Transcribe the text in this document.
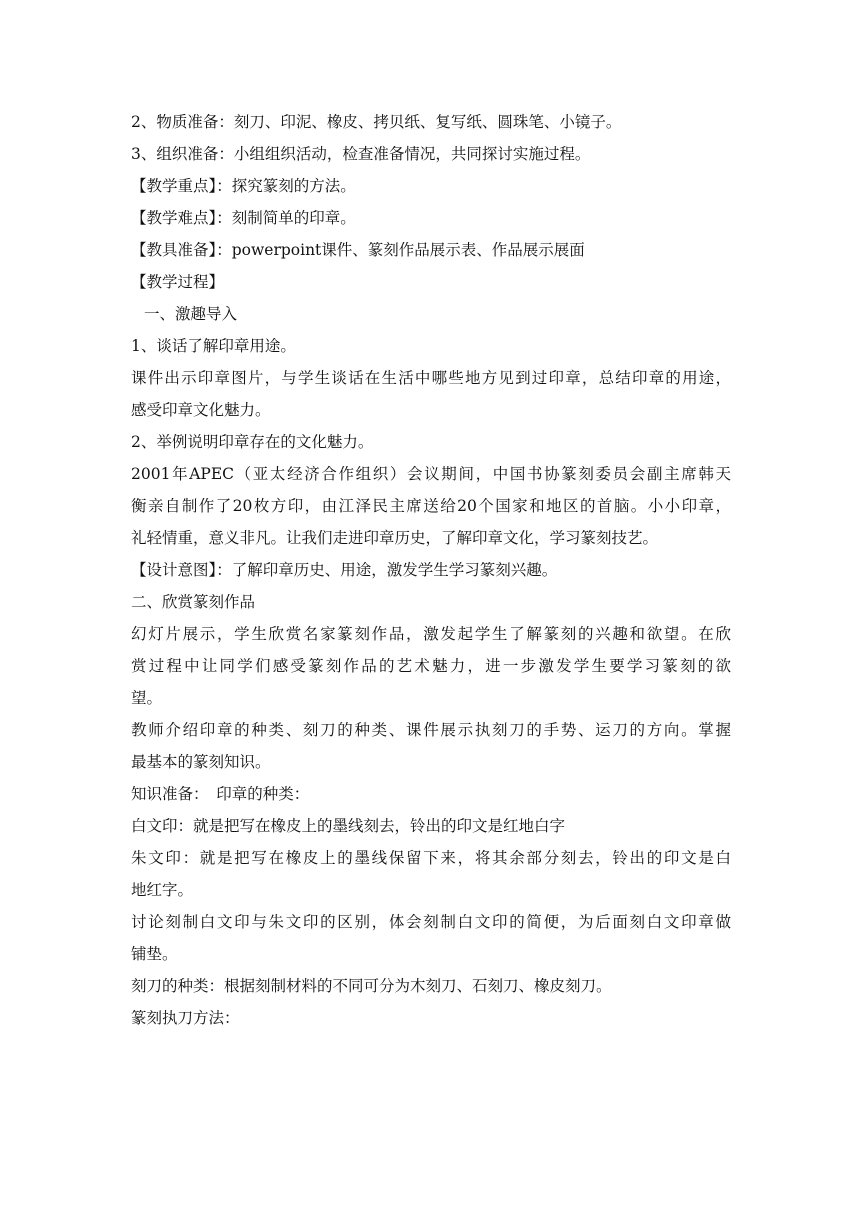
2、物质准备：刻刀、印泥、橡皮、拷贝纸、复写纸、圆珠笔、小镜子。

3、组织准备：小组组织活动，检查准备情况，共同探讨实施过程。

【教学重点】：探究篆刻的方法。

【教学难点】：刻制简单的印章。

【教具准备】：powerpoint课件、篆刻作品展示表、作品展示展面

【教学过程】

一、激趣导入

1、谈话了解印章用途。

课件出示印章图片，与学生谈话在生活中哪些地方见到过印章，总结印章的用途，

感受印章文化魅力。

2、举例说明印章存在的文化魅力。

2001年APEC（亚太经济合作组织）会议期间，中国书协篆刻委员会副主席韩天

衡亲自制作了20枚方印，由江泽民主席送给20个国家和地区的首脑。小小印章，

礼轻情重，意义非凡。让我们走进印章历史，了解印章文化，学习篆刻技艺。

【设计意图】：了解印章历史、用途，激发学生学习篆刻兴趣。

二、欣赏篆刻作品

幻灯片展示，学生欣赏名家篆刻作品，激发起学生了解篆刻的兴趣和欲望。在欣

赏过程中让同学们感受篆刻作品的艺术魅力，进一步激发学生要学习篆刻的欲

望。

教师介绍印章的种类、刻刀的种类、课件展示执刻刀的手势、运刀的方向。掌握

最基本的篆刻知识。

知识准备：　印章的种类：

白文印：就是把写在橡皮上的墨线刻去，铃出的印文是红地白字

朱文印：就是把写在橡皮上的墨线保留下来，将其余部分刻去，铃出的印文是白

地红字。

讨论刻制白文印与朱文印的区别，体会刻制白文印的简便，为后面刻白文印章做

铺垫。

刻刀的种类：根据刻制材料的不同可分为木刻刀、石刻刀、橡皮刻刀。

篆刻执刀方法：
